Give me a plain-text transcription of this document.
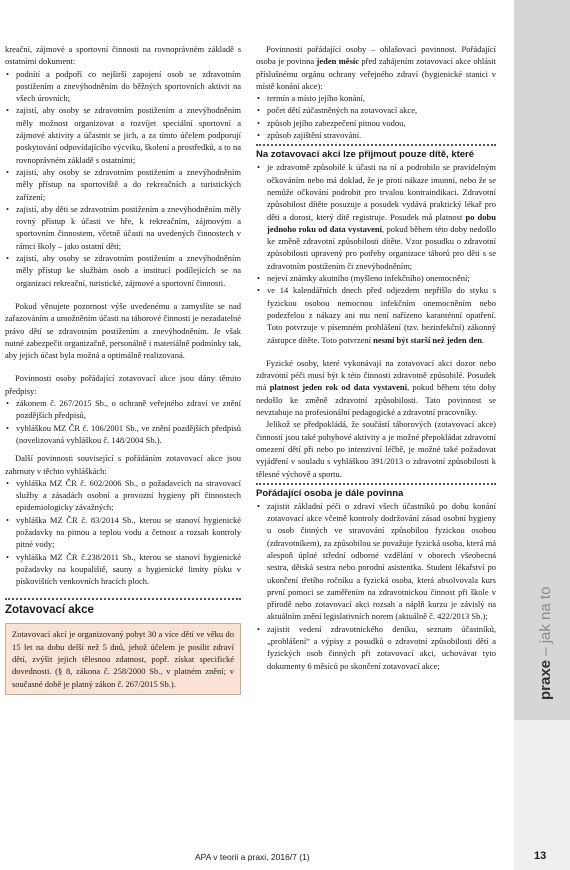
praxe – jak na to

kreační, zájmové a sportovní činnosti na rovnoprávném základě s ostatními dokument:

• podnítí a podpoří co nejširší zapojení osob se zdravotním postižením a znevýhodněním do běžných sportovních aktivit na všech úrovních;
• zajistí, aby osoby se zdravotním postižením a znevýhodněním měly možnost organizovat a rozvíjet speciální sportovní a zájmové aktivity a účastnit se jich, a za tímto účelem podporují poskytování odpovídajícího výcviku, školení a prostředků, a to na rovnoprávném základě s ostatními;
• zajistí, aby osoby se zdravotním postižením a znevýhodněním měly přístup na sportoviště a do rekreačních a turistických zařízení;
• zajistí, aby děti se zdravotním postižením a znevýhodněním měly rovný přístup k účasti ve hře, k rekreačním, zájmovým a sportovním činnostem, včetně účasti na uvedených činnostech v rámci školy – jako ostatní děti;
• zajistí, aby osoby se zdravotním postižením a znevýhodněním měly přístup ke službám osob a institucí podílejících se na organizaci rekreační, turistické, zájmové a sportovní činnosti.

Pokud věnujete pozornost výše uvedenému a zamyslíte se nad zařazováním a umožněním účasti na táborové činnosti je nezadatelné právo dětí se zdravotním postižením a znevýhodněním. Je však nutné zabezpečit organizačně, personálně i materiálně podmínky tak, aby jejich účast byla možná a optimálně realizovaná.

Povinnosti osoby pořádající zotavovací akce jsou dány těmito předpisy:

• zákonem č. 267/2015 Sb., o ochraně veřejného zdraví ve znění pozdějších předpisů,
• vyhláškou MZ ČR č. 106/2001 Sb., ve znění pozdějších předpisů (novelizovaná vyhláškou č. 148/2004 Sb.).

Další povinnosti související s pořádáním zotavovací akce jsou zahrnuty v těchto vyhláškách:

• vyhláška MZ ČR č. 602/2006 Sb., o požadavcích na stravovací služby a zásadách osobní a provozní hygieny při činnostech epidemiologicky závažných;
• vyhláška MZ ČR č. 83/2014 Sb., kterou se stanoví hygienické požadavky na pitnou a teplou vodu a četnost a rozsah kontroly pitné vody;
• vyhláška MZ ČR č.238/2011 Sb., kterou se stanoví hygienické požadavky na koupaliště, sauny a hygienické limity písku v pískovištích venkovních hracích ploch.
Zotavovací akce
Zotavovací akcí je organizovaný pobyt 30 a více dětí ve věku do 15 let na dobu delší než 5 dnů, jehož účelem je posílit zdraví dětí, zvýšit jejich tělesnou zdatnost, popř. získat specifické dovednosti. (§ 8, zákona č. 258/2000 Sb., v platném znění; v současné době je platný zákon č. 267/2015 Sb.).

Povinnosti pořádající osoby – ohlašovací povinnost. Pořádající osoba je povinna jeden měsíc před zahájením zotavovací akce ohlásit příslušnému orgánu ochrany veřejného zdraví (hygienické stanici v místě konání akce):

• termín a místo jejího konání,
• počet dětí zúčastněných na zotavovací akce,
• způsob jejího zabezpečení pitnou vodou,
• způsob zajištění stravování.

Na zotavovací akci lze přijmout pouze dítě, které

• je zdravotně způsobilé k účasti na ní a podrobilo se pravidelným očkováním nebo má doklad, že je proti nákaze imunní, nebo že se nemůže očkování podrobit pro trvalou kontraindikaci. Zdravotní způsobilost dítěte posuzuje a posudek vydává praktický lékař pro děti a dorost, který dítě registruje. Posudek má platnost po dobu jednoho roku od data vystavení, pokud během této doby nedošlo ke změně zdravotní způsobilosti dítěte. Vzor posudku o zdravotní způsobilosti upravený pro potřeby organizace táborů pro děti s se zdravotním postižením či znevýhodněním;
• nejeví známky akutního (myšleno infekčního) onemocnění;
• ve 14 kalendářních dnech před odjezdem nepřišlo do styku s fyzickou osobou nemocnou infekčním onemocněním nebo podezřelou z nákazy ani mu není nařízeno karanténní opatření. Toto potvrzuje v písemném prohlášení (tzv. bezinfekční) zákonný zástupce dítěte. Toto potvrzení nesmí být starší než jeden den.

Fyzické osoby, které vykonávají na zotavovací akci dozor nebo zdravotní péči musí být k této činnosti zdravotně způsobilé. Posudek má platnost jeden rok od data vystavení, pokud během této doby nedošlo ke změně zdravotní způsobilosti. Tato povinnost se nevztahuje na profesionální pedagogické a zdravotní pracovníky.

Jelikož se předpokládá, že součástí táborových (zotavovací akce) činností jsou také pohybové aktivity a je možné přepokládat zdravotní omezení dětí při nebo po intenzivní léčbě, je možné také požadovat vyjádření v souladu s vyhláškou 391/2013 o zdravotní způsobilosti k tělesné výchově a sportu.

Pořádající osoba je dále povinna

• zajistit základní péči o zdraví všech účastníků po dobu konání zotavovací akce včetně kontroly dodržování zásad osobní hygieny u osob činných ve stravování způsobilou fyzickou osobou (zdravotníkem), za způsobilou se považuje fyzická osoba, která má alespoň úplné střední odborné vzdělání v oborech všeobecná sestra, dětská sestra nebo porodní asistentka. Student lékařství po ukončení třetího ročníku a fyzická osoba, která absolvovala kurs první pomoci se zaměřením na zdravotnickou činnost při škole v přírodě nebo zotavovací akci rozsah a náplň kurzu je závislý na aktuálním znění legislativních norem (aktuálně č. 422/2013 Sb.);
• zajistit vedení zdravotnického deníku, seznam účastníků, „prohlášení“ a výpisy z posudků o zdravotní způsobilosti dětí a fyzických osob činných při zotavovací akci, uchovávat tyto dokumenty 6 měsíců po skončení zotavovací akce;
APA v teorii a praxi, 2016/7 (1)	13
